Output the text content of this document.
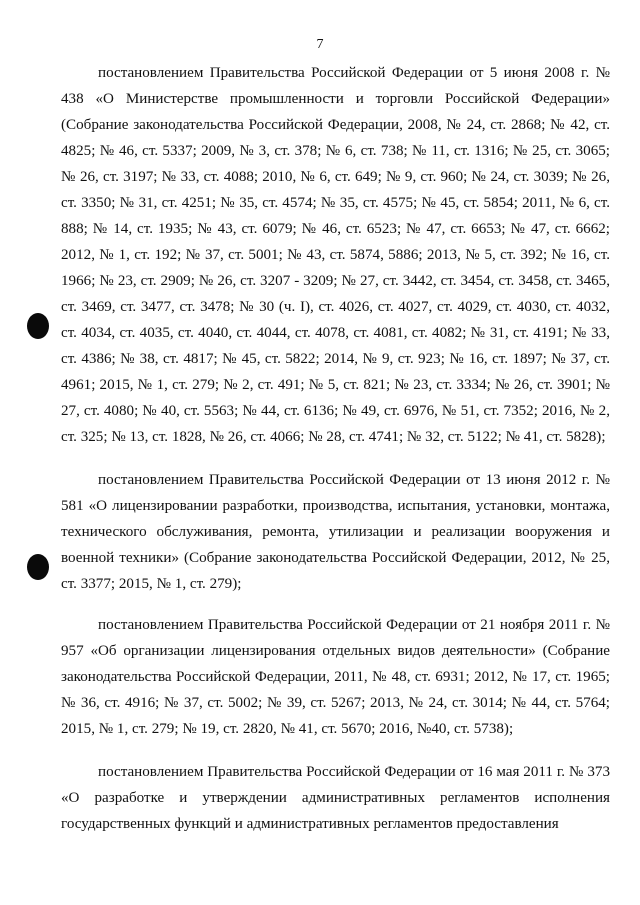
7

постановлением Правительства Российской Федерации от 5 июня 2008 г. № 438 «О Министерстве промышленности и торговли Российской Федерации» (Собрание законодательства Российской Федерации, 2008, № 24, ст. 2868; № 42, ст. 4825; № 46, ст. 5337; 2009, № 3, ст. 378; № 6, ст. 738; № 11, ст. 1316; № 25, ст. 3065; № 26, ст. 3197; № 33, ст. 4088; 2010, № 6, ст. 649; № 9, ст. 960; № 24, ст. 3039; № 26, ст. 3350; № 31, ст. 4251; № 35, ст. 4574; № 35, ст. 4575; № 45, ст. 5854; 2011, № 6, ст. 888; № 14, ст. 1935; № 43, ст. 6079; № 46, ст. 6523; № 47, ст. 6653; № 47, ст. 6662; 2012, № 1, ст. 192; № 37, ст. 5001; № 43, ст. 5874, 5886; 2013, № 5, ст. 392; № 16, ст. 1966; № 23, ст. 2909; № 26, ст. 3207 - 3209; № 27, ст. 3442, ст. 3454, ст. 3458, ст. 3465, ст. 3469, ст. 3477, ст. 3478; № 30 (ч. I), ст. 4026, ст. 4027, ст. 4029, ст. 4030, ст. 4032, ст. 4034, ст. 4035, ст. 4040, ст. 4044, ст. 4078, ст. 4081, ст. 4082; № 31, ст. 4191; № 33, ст. 4386; № 38, ст. 4817; № 45, ст. 5822; 2014, № 9, ст. 923; № 16, ст. 1897; № 37, ст. 4961; 2015, № 1, ст. 279; № 2, ст. 491; № 5, ст. 821; № 23, ст. 3334; № 26, ст. 3901; № 27, ст. 4080; № 40, ст. 5563; № 44, ст. 6136; № 49, ст. 6976, № 51, ст. 7352; 2016, № 2, ст. 325; № 13, ст. 1828, № 26, ст. 4066; № 28, ст. 4741; № 32, ст. 5122; № 41, ст. 5828);

постановлением Правительства Российской Федерации от 13 июня 2012 г. № 581 «О лицензировании разработки, производства, испытания, установки, монтажа, технического обслуживания, ремонта, утилизации и реализации вооружения и военной техники» (Собрание законодательства Российской Федерации, 2012, № 25, ст. 3377; 2015, № 1, ст. 279);

постановлением Правительства Российской Федерации от 21 ноября 2011 г. № 957 «Об организации лицензирования отдельных видов деятельности» (Собрание законодательства Российской Федерации, 2011, № 48, ст. 6931; 2012, № 17, ст. 1965; № 36, ст. 4916; № 37, ст. 5002; № 39, ст. 5267; 2013, № 24, ст. 3014; № 44, ст. 5764; 2015, № 1, ст. 279; № 19, ст. 2820, № 41, ст. 5670; 2016, №40, ст. 5738);

постановлением Правительства Российской Федерации от 16 мая 2011 г. № 373 «О разработке и утверждении административных регламентов исполнения государственных функций и административных регламентов предоставления
